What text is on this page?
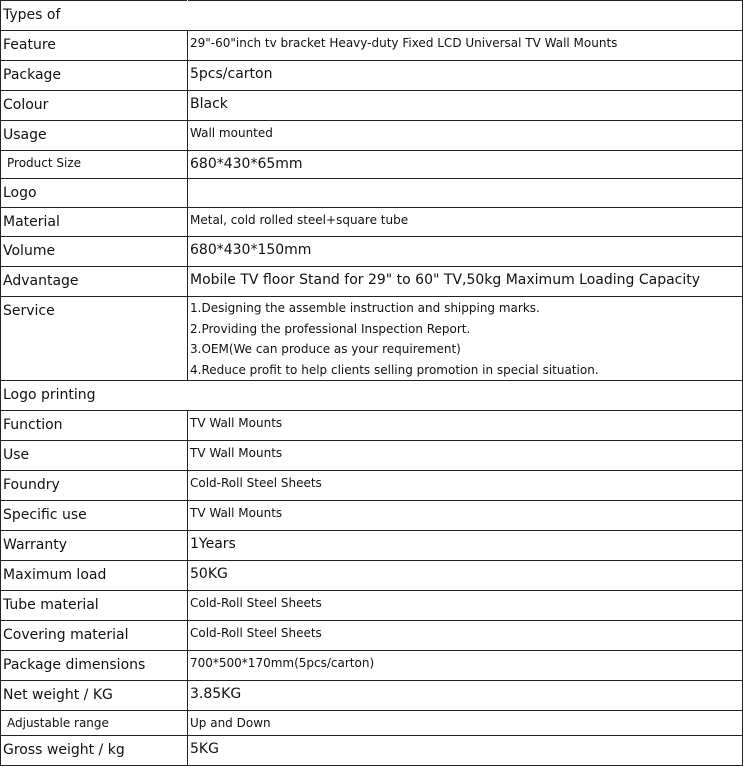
Types of	
Feature	29"-60"inch tv bracket Heavy-duty Fixed LCD Universal TV Wall Mounts
Package	5pcs/carton
Colour	Black
Usage	Wall mounted
Product Size	680*430*65mm
Logo	
Material	Metal, cold rolled steel+square tube
Volume	680*430*150mm
Advantage	Mobile TV floor Stand for 29" to 60" TV,50kg Maximum Loading Capacity
Service	1.Designing the assemble instruction and shipping marks.
2.Providing the professional Inspection Report.
3.OEM(We can produce as your requirement)
4.Reduce profit to help clients selling promotion in special situation.

Logo printing	
Function	TV Wall Mounts
Use	TV Wall Mounts
Foundry	Cold-Roll Steel Sheets
Specific use	TV Wall Mounts
Warranty	1Years
Maximum load	50KG
Tube material	Cold-Roll Steel Sheets
Covering material	Cold-Roll Steel Sheets
Package dimensions	700*500*170mm(5pcs/carton)
Net weight / KG	3.85KG
Adjustable range	Up and Down
Gross weight / kg	5KG
